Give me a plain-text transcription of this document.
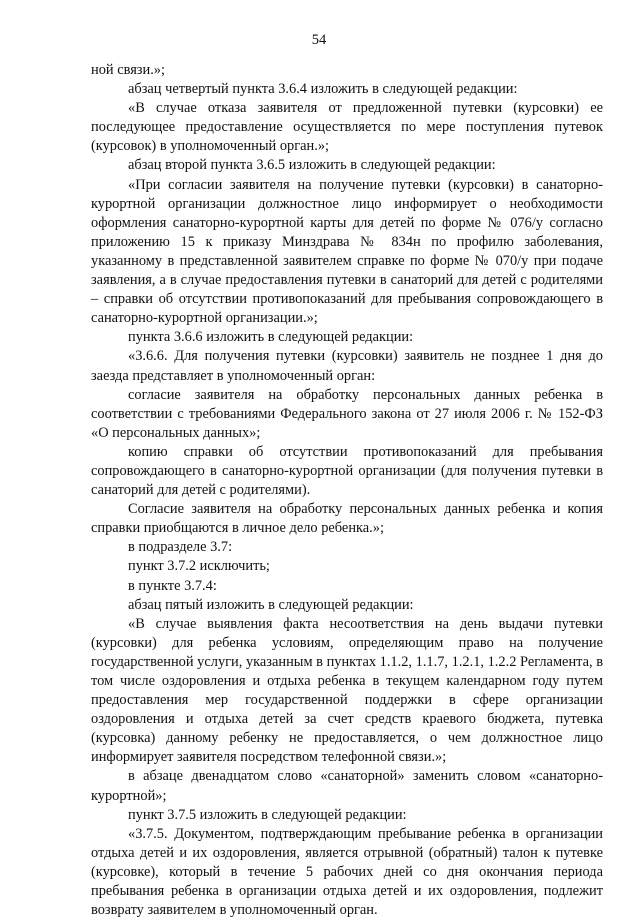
54

ной связи.»;

абзац четвертый пункта 3.6.4 изложить в следующей редакции:

«В случае отказа заявителя от предложенной путевки (курсовки) ее последующее предоставление осуществляется по мере поступления путевок (курсовок) в уполномоченный орган.»;

абзац второй пункта 3.6.5 изложить в следующей редакции:

«При согласии заявителя на получение путевки (курсовки) в санаторно-курортной организации должностное лицо информирует о необходимости оформления санаторно-курортной карты для детей по форме № 076/у согласно приложению 15 к приказу Минздрава № 834н по профилю заболевания, указанному в представленной заявителем справке по форме № 070/у при подаче заявления, а в случае предоставления путевки в санаторий для детей с родителями – справки об отсутствии противопоказаний для пребывания сопровождающего в санаторно-курортной организации.»;

пункта 3.6.6 изложить в следующей редакции:

«3.6.6. Для получения путевки (курсовки) заявитель не позднее 1 дня до заезда представляет в уполномоченный орган:

согласие заявителя на обработку персональных данных ребенка в соответствии с требованиями Федерального закона от 27 июля 2006 г. № 152-ФЗ «О персональных данных»;

копию справки об отсутствии противопоказаний для пребывания сопровождающего в санаторно-курортной организации (для получения путевки в санаторий для детей с родителями).

Согласие заявителя на обработку персональных данных ребенка и копия справки приобщаются в личное дело ребенка.»;

в подразделе 3.7:

пункт 3.7.2 исключить;

в пункте 3.7.4:

абзац пятый изложить в следующей редакции:

«В случае выявления факта несоответствия на день выдачи путевки (курсовки) для ребенка условиям, определяющим право на получение государственной услуги, указанным в пунктах 1.1.2, 1.1.7, 1.2.1, 1.2.2 Регламента, в том числе оздоровления и отдыха ребенка в текущем календарном году путем предоставления мер государственной поддержки в сфере организации оздоровления и отдыха детей за счет средств краевого бюджета, путевка (курсовка) данному ребенку не предоставляется, о чем должностное лицо информирует заявителя посредством телефонной связи.»;

в абзаце двенадцатом слово «санаторной» заменить словом «санаторно-курортной»;

пункт 3.7.5 изложить в следующей редакции:

«3.7.5. Документом, подтверждающим пребывание ребенка в организации отдыха детей и их оздоровления, является отрывной (обратный) талон к путевке (курсовке), который в течение 5 рабочих дней со дня окончания периода пребывания ребенка в организации отдыха детей и их оздоровления, подлежит возврату заявителем в уполномоченный орган.
